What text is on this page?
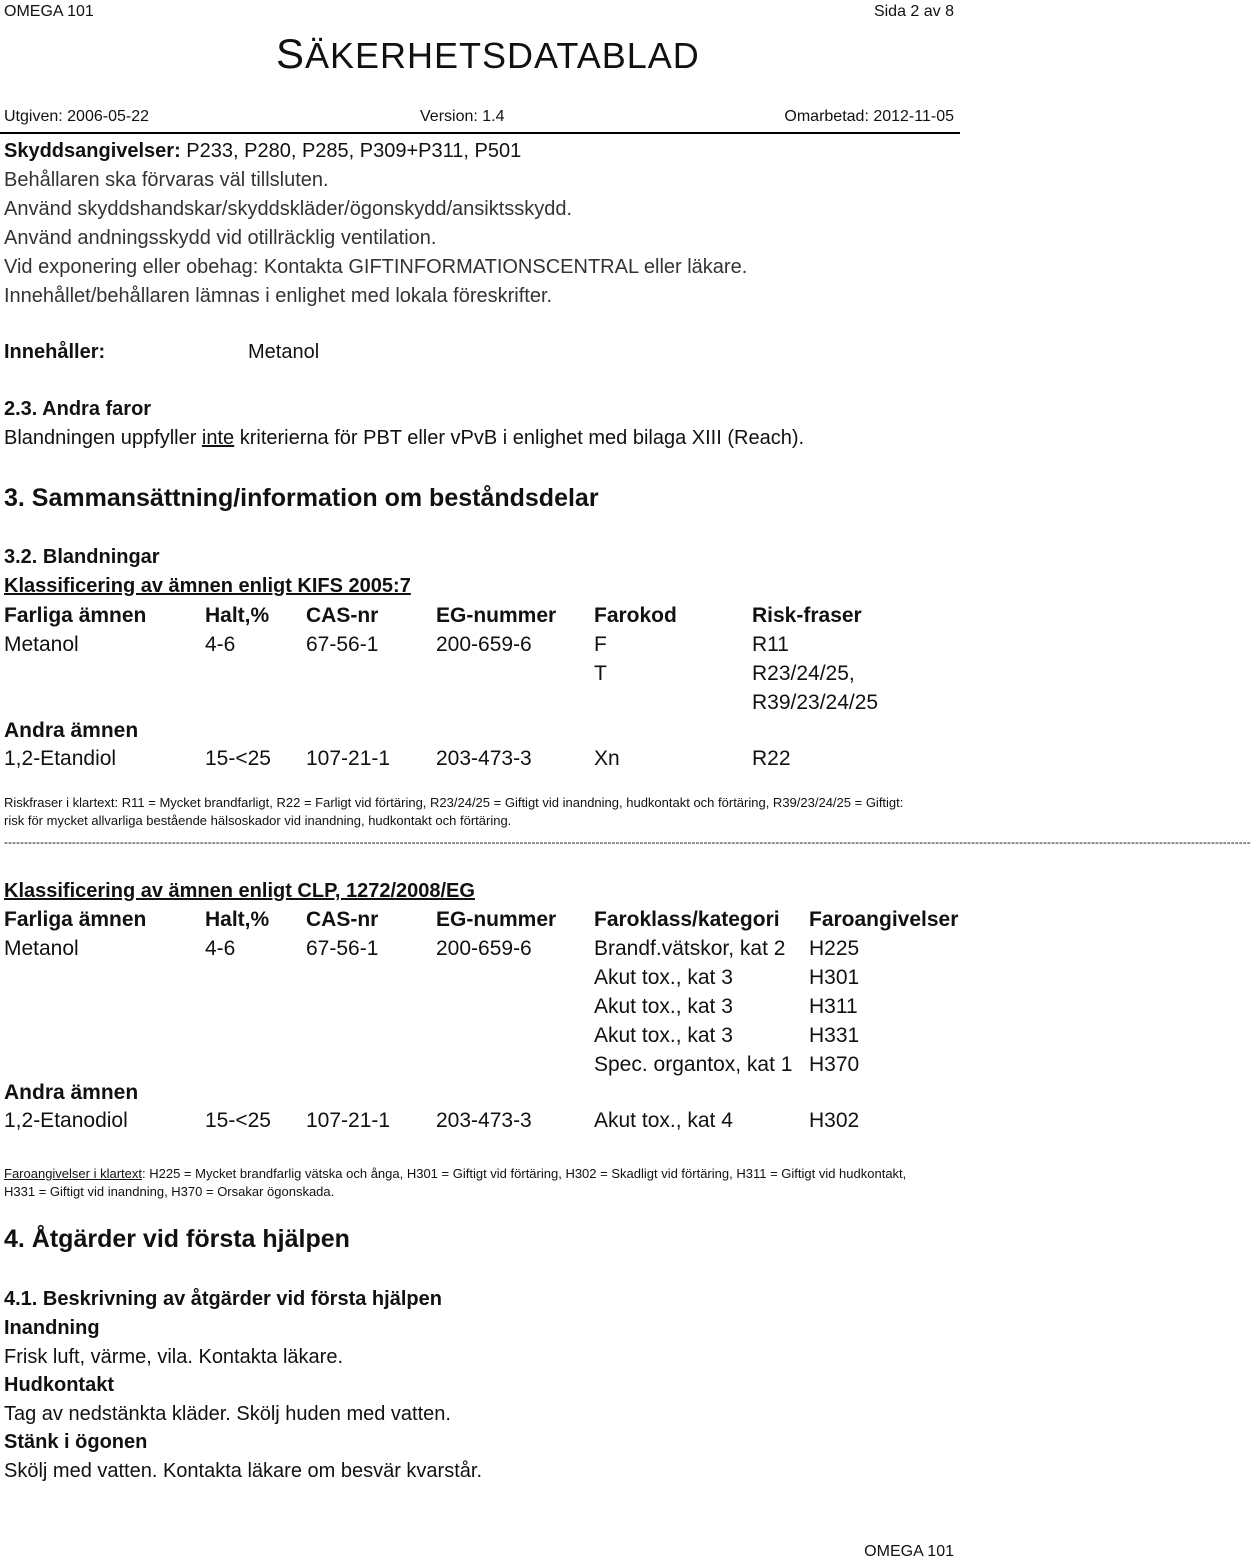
OMEGA 101	Sida 2 av 8
SÄKERHETSDATABLAD
Utgiven: 2006-05-22	Version: 1.4	Omarbetad: 2012-11-05
Skyddsangivelser: P233, P280, P285, P309+P311, P501
Behållaren ska förvaras väl tillsluten.
Använd skyddshandskar/skyddskläder/ögonskydd/ansiktsskydd.
Använd andningsskydd vid otillräcklig ventilation.
Vid exponering eller obehag: Kontakta GIFTINFORMATIONSCENTRAL eller läkare.
Innehållet/behållaren lämnas i enlighet med lokala föreskrifter.
Innehåller:	Metanol
2.3. Andra faror
Blandningen uppfyller inte kriterierna för PBT eller vPvB i enlighet med bilaga XIII (Reach).
3. Sammansättning/information om beståndsdelar
3.2. Blandningar
Klassificering av ämnen enligt KIFS 2005:7
Farliga ämnen	Halt,% CAS-nr	EG-nummer Farokod	Risk-fraser
Metanol	4-6	67-56-1	200-659-6	F	R11
T	R23/24/25,
R39/23/24/25
Andra ämnen
1,2-Etandiol	15-<25 107-21-1 203-473-3	Xn	R22
Riskfraser i klartext: R11 = Mycket brandfarligt, R22 = Farligt vid förtäring, R23/24/25 = Giftigt vid inandning, hudkontakt och förtäring, R39/23/24/25 = Giftigt:
risk för mycket allvarliga bestående hälsoskador vid inandning, hudkontakt och förtäring.
------------------------------------------------------------------------------------------------------------------------------------------------------------------------------------------------------------------------------------------------------------------------------------------------------------------------
Klassificering av ämnen enligt CLP, 1272/2008/EG
Farliga ämnen	Halt,% CAS-nr	EG-nummer Faroklass/kategori Faroangivelser
Metanol	4-6	67-56-1	200-659-6	Brandf.vätskor, kat 2 H225
Akut tox., kat 3	H301
Akut tox., kat 3	H311
Akut tox., kat 3	H331
Spec. organtox, kat 1 H370
Andra ämnen
1,2-Etanodiol	15-<25 107-21-1 203-473-3	Akut tox., kat 4	H302
Faroangivelser i klartext: H225 = Mycket brandfarlig vätska och ånga, H301 = Giftigt vid förtäring, H302 = Skadligt vid förtäring, H311 = Giftigt vid hudkontakt,
H331 = Giftigt vid inandning, H370 = Orsakar ögonskada.
4. Åtgärder vid första hjälpen
4.1. Beskrivning av åtgärder vid första hjälpen
Inandning
Frisk luft, värme, vila. Kontakta läkare.
Hudkontakt
Tag av nedstänkta kläder. Skölj huden med vatten.
Stänk i ögonen
Skölj med vatten. Kontakta läkare om besvär kvarstår.
OMEGA 101
